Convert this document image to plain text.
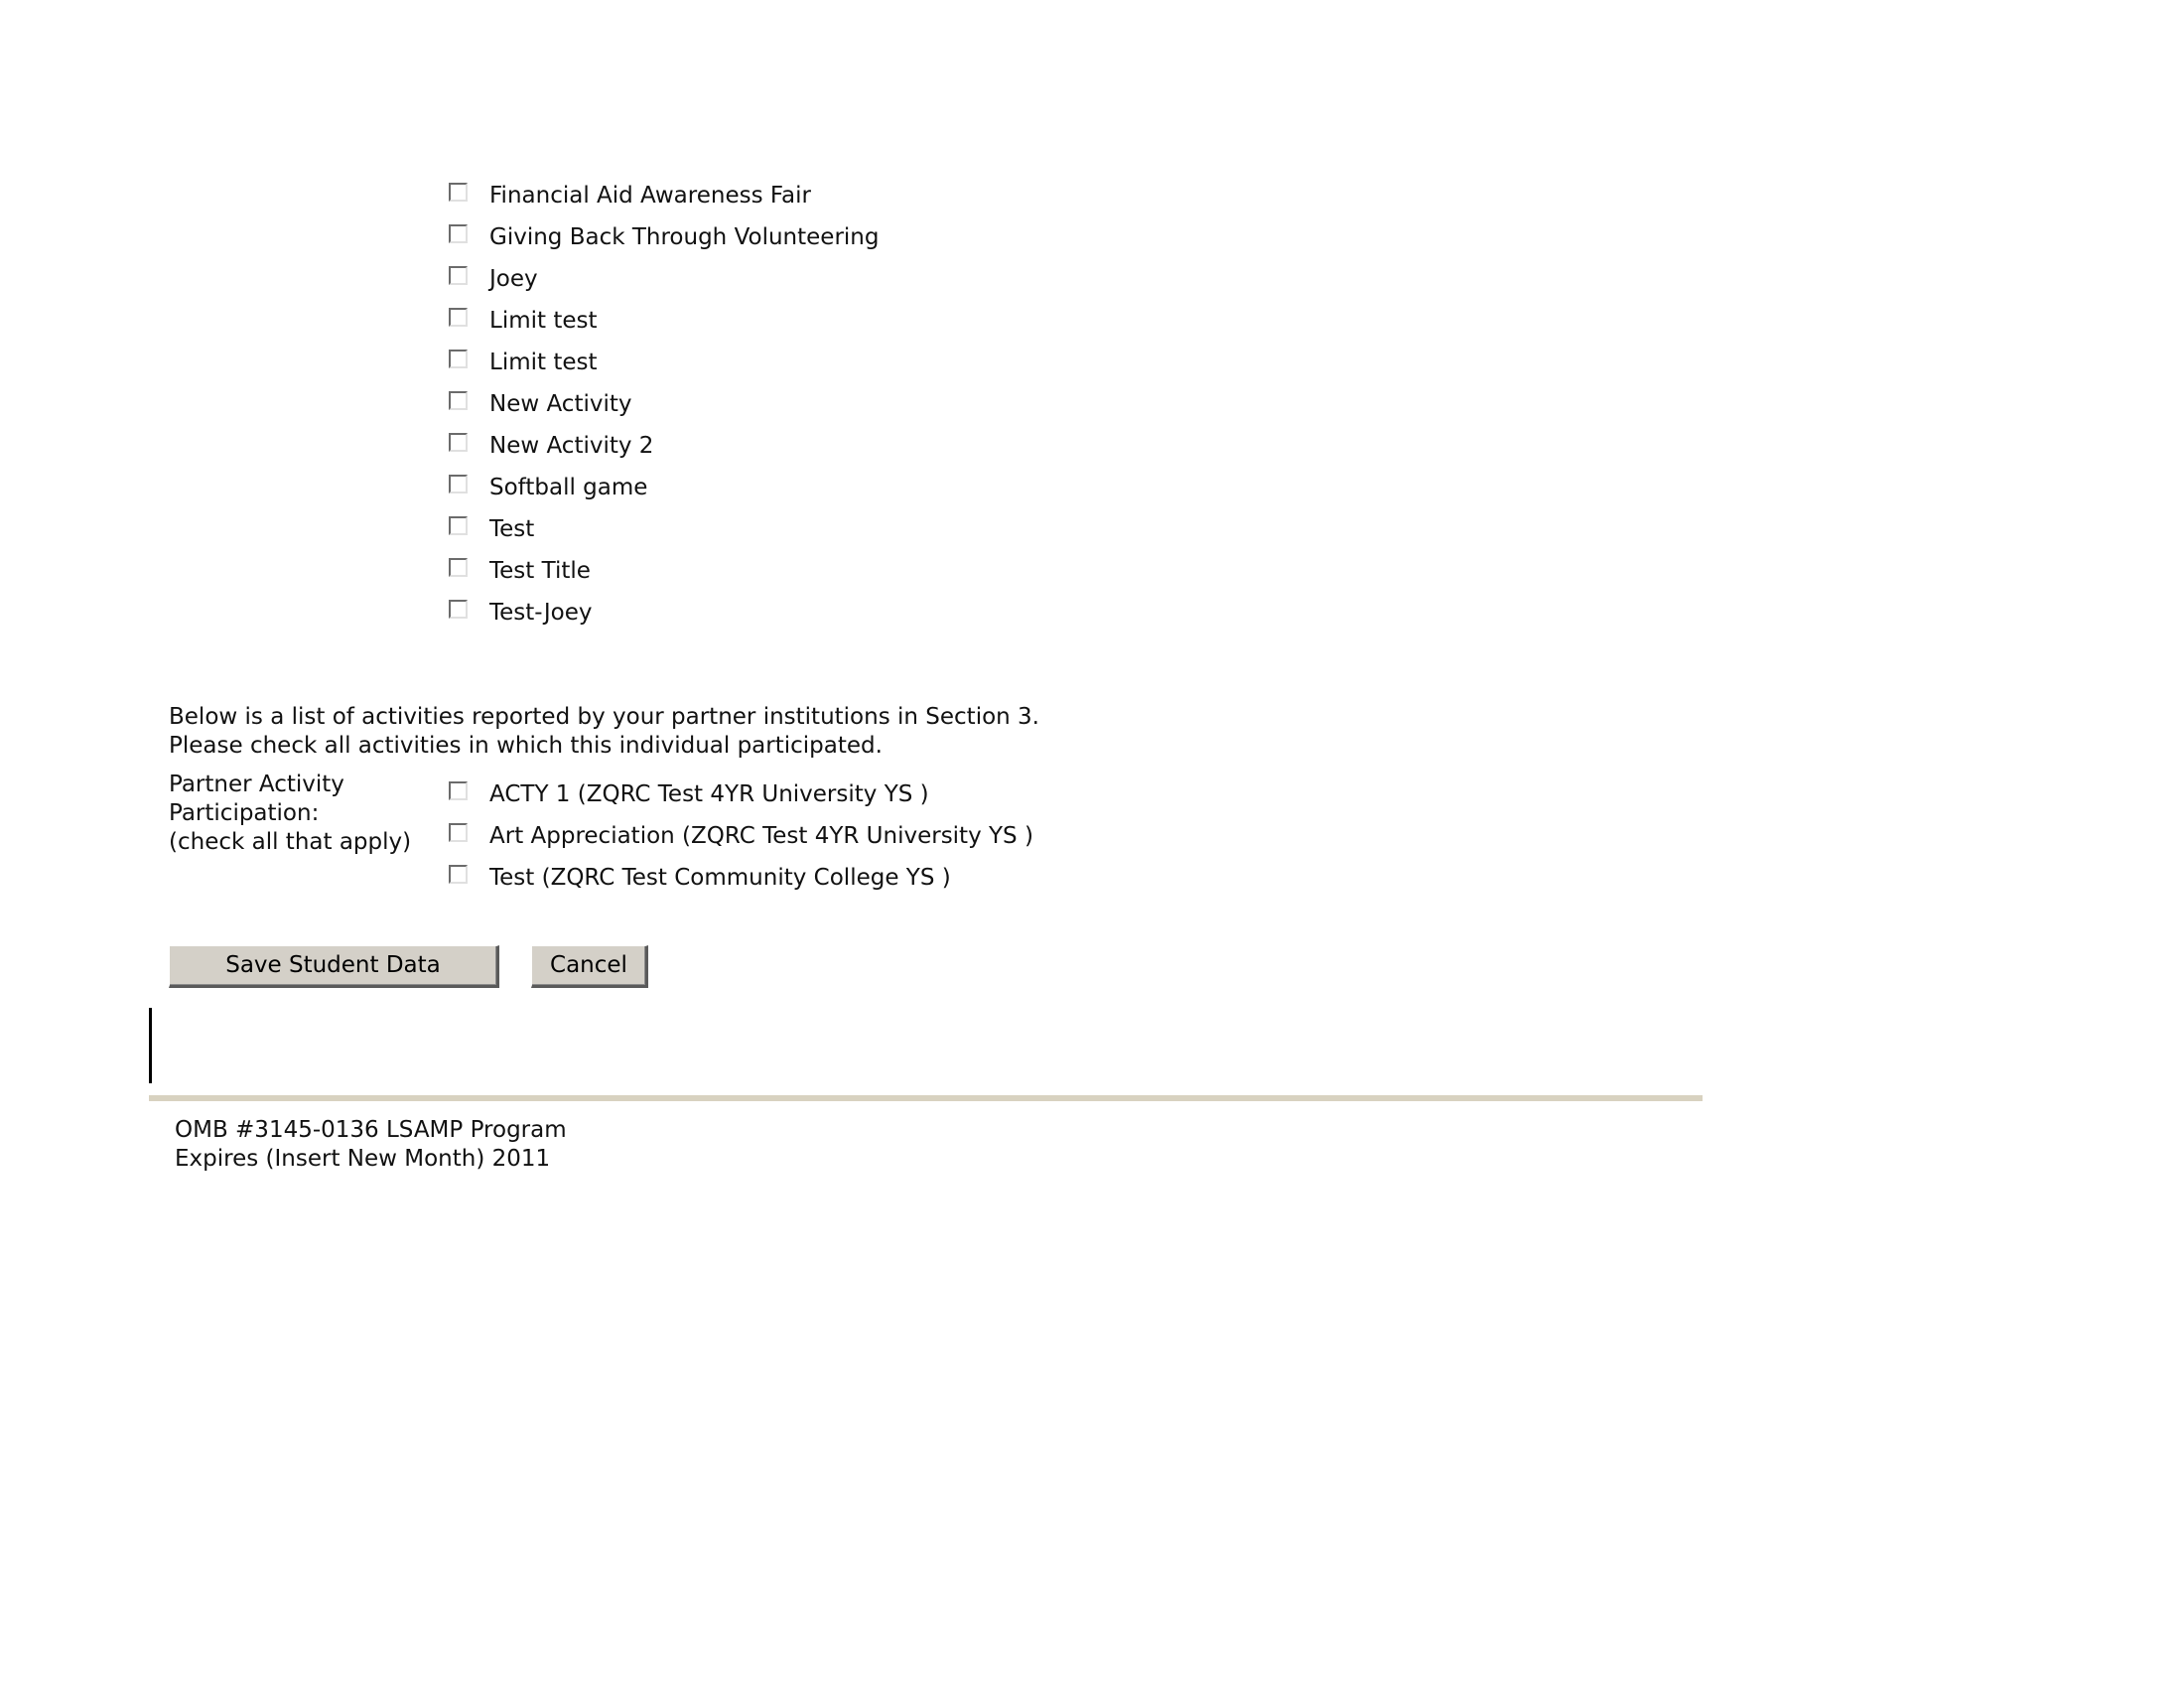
Financial Aid Awareness Fair
Giving Back Through Volunteering
Joey
Limit test
Limit test
New Activity
New Activity 2
Softball game
Test
Test Title
Test-Joey
Below is a list of activities reported by your partner institutions in Section 3.
Please check all activities in which this individual participated.
Partner Activity
Participation:
(check all that apply)
ACTY 1 (ZQRC Test 4YR University YS )
Art Appreciation (ZQRC Test 4YR University YS )
Test (ZQRC Test Community College YS )
Save Student Data	Cancel
OMB #3145-0136 LSAMP Program
Expires (Insert New Month) 2011
